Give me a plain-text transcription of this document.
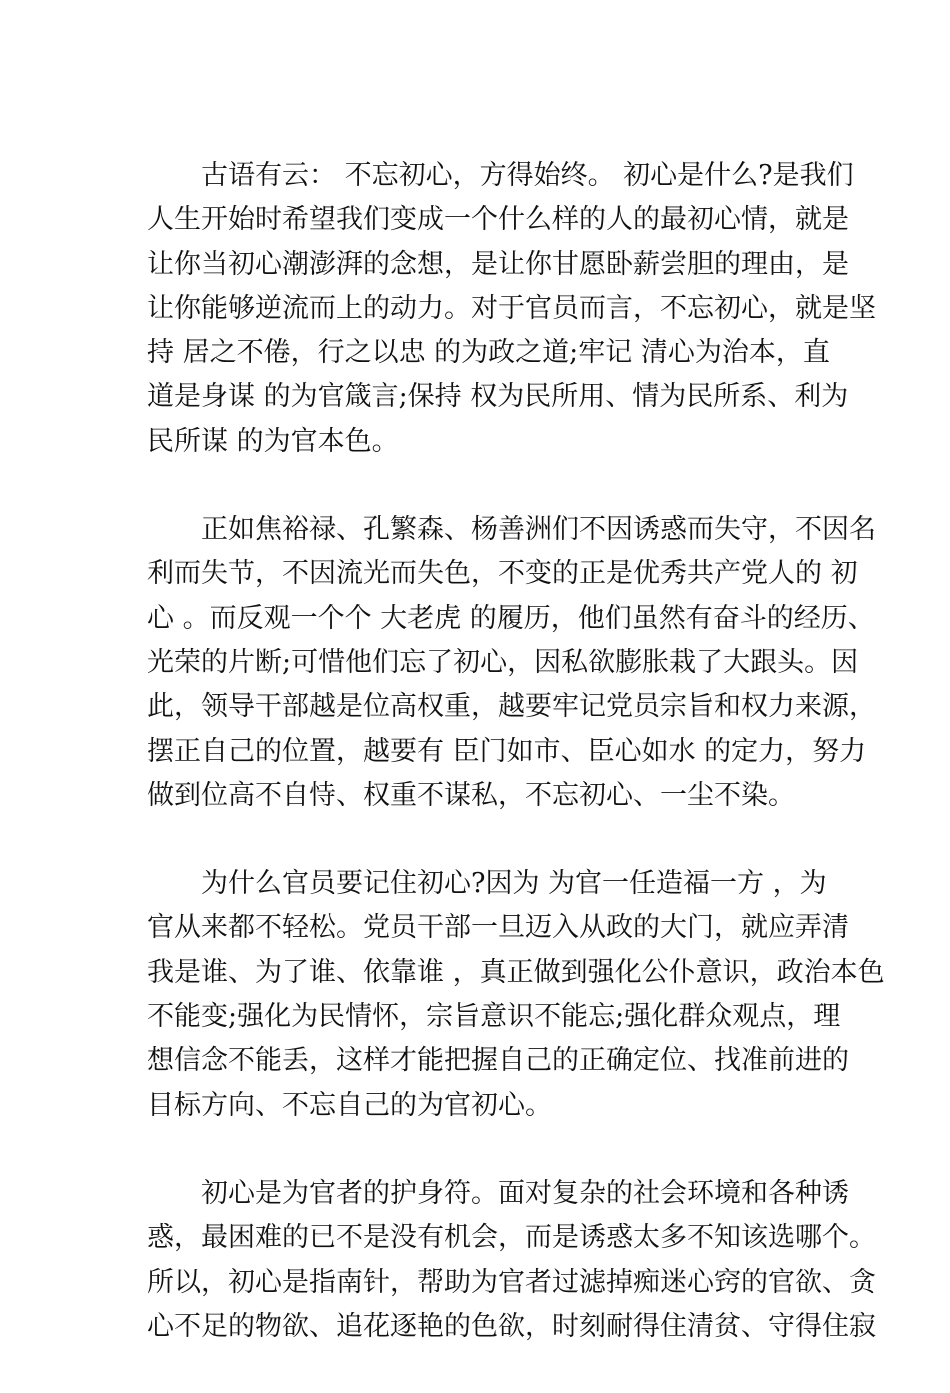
古语有云： 不忘初心，方得始终。 初心是什么?是我们
人生开始时希望我们变成一个什么样的人的最初心情，就是
让你当初心潮澎湃的念想，是让你甘愿卧薪尝胆的理由，是
让你能够逆流而上的动力。对于官员而言，不忘初心，就是坚
持 居之不倦，行之以忠 的为政之道;牢记 清心为治本，直
道是身谋 的为官箴言;保持 权为民所用、情为民所系、利为
民所谋 的为官本色。
正如焦裕禄、孔繁森、杨善洲们不因诱惑而失守，不因名
利而失节，不因流光而失色，不变的正是优秀共产党人的 初
心 。而反观一个个 大老虎 的履历，他们虽然有奋斗的经历、
光荣的片断;可惜他们忘了初心，因私欲膨胀栽了大跟头。因
此，领导干部越是位高权重，越要牢记党员宗旨和权力来源，
摆正自己的位置，越要有 臣门如市、臣心如水 的定力，努力
做到位高不自恃、权重不谋私，不忘初心、一尘不染。
为什么官员要记住初心?因为 为官一任造福一方 ，为
官从来都不轻松。党员干部一旦迈入从政的大门，就应弄清
我是谁、为了谁、依靠谁 ，真正做到强化公仆意识，政治本色
不能变;强化为民情怀，宗旨意识不能忘;强化群众观点，理
想信念不能丢，这样才能把握自己的正确定位、找准前进的
目标方向、不忘自己的为官初心。
初心是为官者的护身符。面对复杂的社会环境和各种诱
惑，最困难的已不是没有机会，而是诱惑太多不知该选哪个。
所以，初心是指南针，帮助为官者过滤掉痴迷心窍的官欲、贪
心不足的物欲、追花逐艳的色欲，时刻耐得住清贫、守得住寂
